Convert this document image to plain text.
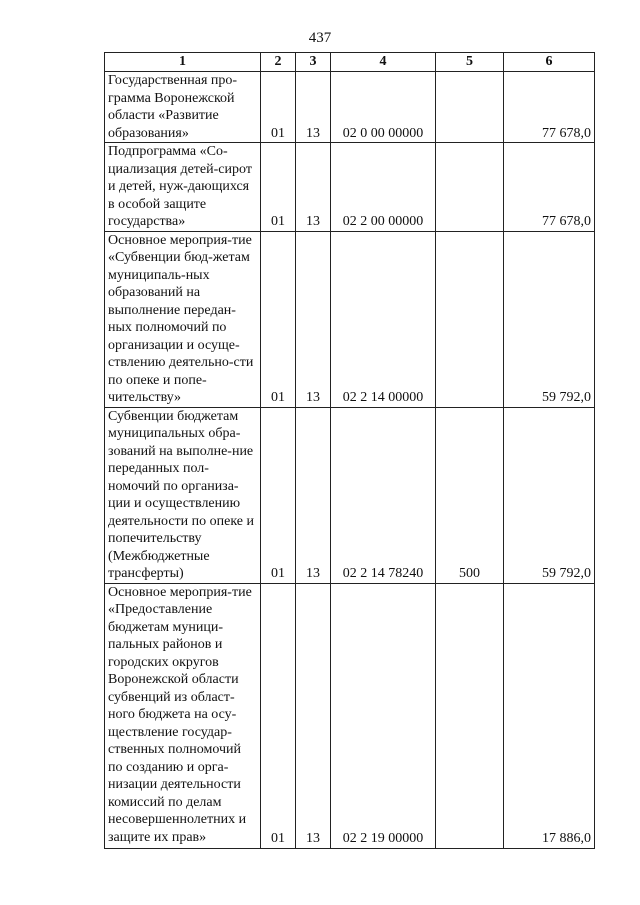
437
1	2	3	4	5	6
Государственная про-грамма Воронежской области «Развитие образования»	01	13	02 0 00 00000		77 678,0
Подпрограмма «Со-циализация детей-сирот и детей, нуж-дающихся в особой защите государства»	01	13	02 2 00 00000		77 678,0
Основное мероприя-тие «Субвенции бюд-жетам муниципаль-ных образований на выполнение передан-ных полномочий по организации и осуще-ствлению деятельно-сти по опеке и попе-чительству»	01	13	02 2 14 00000		59 792,0
Субвенции бюджетам муниципальных обра-зований на выполне-ние переданных пол-номочий по организа-ции и осуществлению деятельности по опеке и попечительству (Межбюджетные трансферты)	01	13	02 2 14 78240	500	59 792,0
Основное мероприя-тие «Предоставление бюджетам муници-пальных районов и городских округов Воронежской области субвенций из област-ного бюджета на осу-ществление государ-ственных полномочий по созданию и орга-низации деятельности комиссий по делам несовершеннолетних и защите их прав»	01	13	02 2 19 00000		17 886,0
